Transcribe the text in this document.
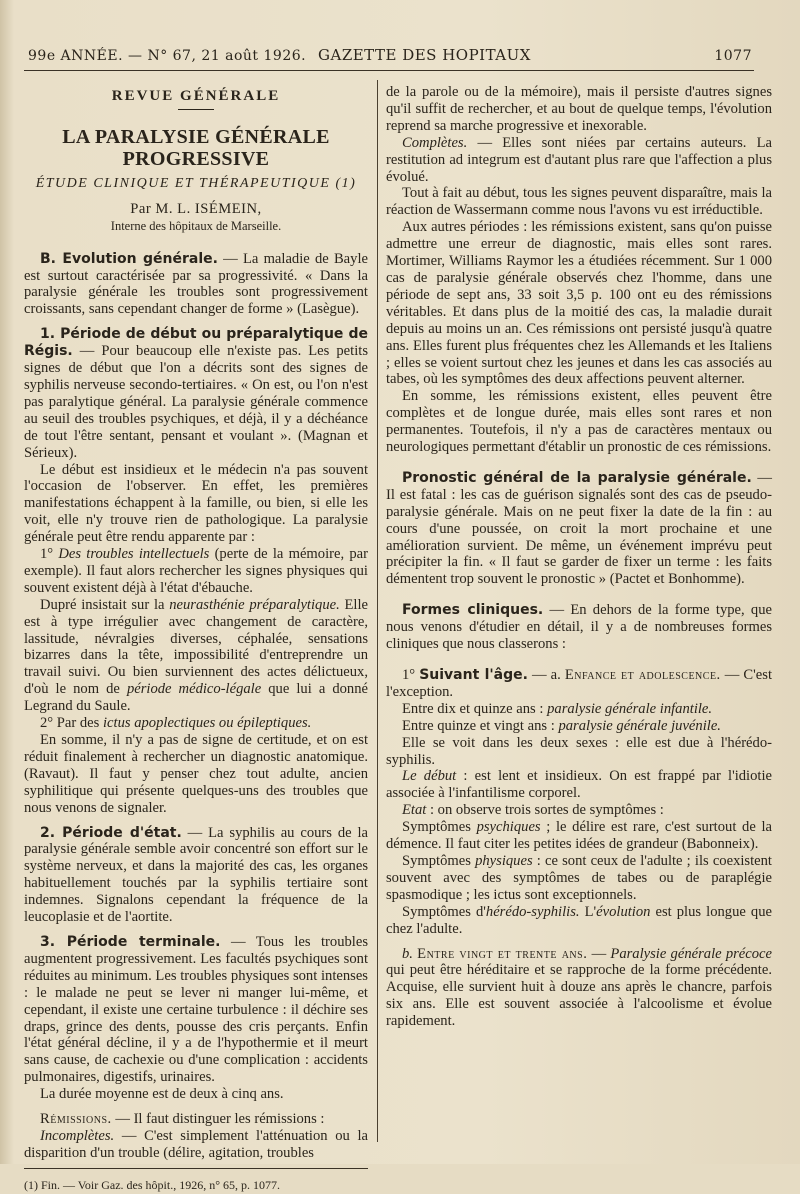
99e ANNÉE. — N° 67, 21 août 1926. GAZETTE DES HOPITAUX	1077

REVUE GÉNÉRALE

LA PARALYSIE GÉNÉRALE PROGRESSIVE

ÉTUDE CLINIQUE ET THÉRAPEUTIQUE (1)

Par M. L. ISÉMEIN,

Interne des hôpitaux de Marseille.

B. Evolution générale. — La maladie de Bayle est surtout caractérisée par sa progressivité. « Dans la paralysie générale les troubles sont progressivement croissants, sans cependant changer de forme » (Lasègue).

1. Période de début ou préparalytique de Régis. — Pour beaucoup elle n'existe pas. Les petits signes de début que l'on a décrits sont des signes de syphilis nerveuse secondo-tertiaires. « On est, ou l'on n'est pas paralytique général. La paralysie générale commence au seuil des troubles psychiques, et déjà, il y a déchéance de tout l'être sentant, pensant et voulant ». (Magnan et Sérieux).

Le début est insidieux et le médecin n'a pas souvent l'occasion de l'observer. En effet, les premières manifestations échappent à la famille, ou bien, si elle les voit, elle n'y trouve rien de pathologique. La paralysie générale peut être rendu apparente par :

1° Des troubles intellectuels (perte de la mémoire, par exemple). Il faut alors rechercher les signes physiques qui souvent existent déjà à l'état d'ébauche.

Dupré insistait sur la neurasthénie préparalytique. Elle est à type irrégulier avec changement de caractère, lassitude, névralgies diverses, céphalée, sensations bizarres dans la tête, impossibilité d'entreprendre un travail suivi. Ou bien surviennent des actes délictueux, d'où le nom de période médico-légale que lui a donné Legrand du Saule.

2° Par des ictus apoplectiques ou épileptiques.

En somme, il n'y a pas de signe de certitude, et on est réduit finalement à rechercher un diagnostic anatomique. (Ravaut). Il faut y penser chez tout adulte, ancien syphilitique qui présente quelques-uns des troubles que nous venons de signaler.

2. Période d'état. — La syphilis au cours de la paralysie générale semble avoir concentré son effort sur le système nerveux, et dans la majorité des cas, les organes habituellement touchés par la syphilis tertiaire sont indemnes. Signalons cependant la fréquence de la leucoplasie et de l'aortite.

3. Période terminale. — Tous les troubles augmentent progressivement. Les facultés psychiques sont réduites au minimum. Les troubles physiques sont intenses : le malade ne peut se lever ni manger lui-même, et cependant, il existe une certaine turbulence : il déchire ses draps, grince des dents, pousse des cris perçants. Enfin l'état général décline, il y a de l'hypothermie et il meurt sans cause, de cachexie ou d'une complication : accidents pulmonaires, digestifs, urinaires.

La durée moyenne est de deux à cinq ans.

Rémissions. — Il faut distinguer les rémissions :

Incomplètes. — C'est simplement l'atténuation ou la disparition d'un trouble (délire, agitation, troubles

(1) Fin. — Voir Gaz. des hôpit., 1926, n° 65, p. 1077.

de la parole ou de la mémoire), mais il persiste d'autres signes qu'il suffit de rechercher, et au bout de quelque temps, l'évolution reprend sa marche progressive et inexorable.

Complètes. — Elles sont niées par certains auteurs. La restitution ad integrum est d'autant plus rare que l'affection a plus évolué.

Tout à fait au début, tous les signes peuvent disparaître, mais la réaction de Wassermann comme nous l'avons vu est irréductible.

Aux autres périodes : les rémissions existent, sans qu'on puisse admettre une erreur de diagnostic, mais elles sont rares. Mortimer, Williams Raymor les a étudiées récemment. Sur 1 000 cas de paralysie générale observés chez l'homme, dans une période de sept ans, 33 soit 3,5 p. 100 ont eu des rémissions véritables. Et dans plus de la moitié des cas, la maladie durait depuis au moins un an. Ces rémissions ont persisté jusqu'à quatre ans. Elles furent plus fréquentes chez les Allemands et les Italiens ; elles se voient surtout chez les jeunes et dans les cas associés au tabes, où les symptômes des deux affections peuvent alterner.

En somme, les rémissions existent, elles peuvent être complètes et de longue durée, mais elles sont rares et non permanentes. Toutefois, il n'y a pas de caractères mentaux ou neurologiques permettant d'établir un pronostic de ces rémissions.

Pronostic général de la paralysie générale. — Il est fatal : les cas de guérison signalés sont des cas de pseudo-paralysie générale. Mais on ne peut fixer la date de la fin : au cours d'une poussée, on croit la mort prochaine et une amélioration survient. De même, un événement imprévu peut précipiter la fin. « Il faut se garder de fixer un terme : les faits démentent trop souvent le pronostic » (Pactet et Bonhomme).

Formes cliniques. — En dehors de la forme type, que nous venons d'étudier en détail, il y a de nombreuses formes cliniques que nous classerons :

1° Suivant l'âge. — a. Enfance et adolescence. — C'est l'exception.

Entre dix et quinze ans : paralysie générale infantile.

Entre quinze et vingt ans : paralysie générale juvénile.

Elle se voit dans les deux sexes : elle est due à l'hérédo-syphilis.

Le début : est lent et insidieux. On est frappé par l'idiotie associée à l'infantilisme corporel.

Etat : on observe trois sortes de symptômes :

Symptômes psychiques ; le délire est rare, c'est surtout de la démence. Il faut citer les petites idées de grandeur (Babonneix).

Symptômes physiques : ce sont ceux de l'adulte ; ils coexistent souvent avec des symptômes de tabes ou de paraplégie spasmodique ; les ictus sont exceptionnels.

Symptômes d'hérédo-syphilis. L'évolution est plus longue que chez l'adulte.

b. Entre vingt et trente ans. — Paralysie générale précoce qui peut être héréditaire et se rapproche de la forme précédente. Acquise, elle survient huit à douze ans après le chancre, parfois six ans. Elle est souvent associée à l'alcoolisme et évolue rapidement.
